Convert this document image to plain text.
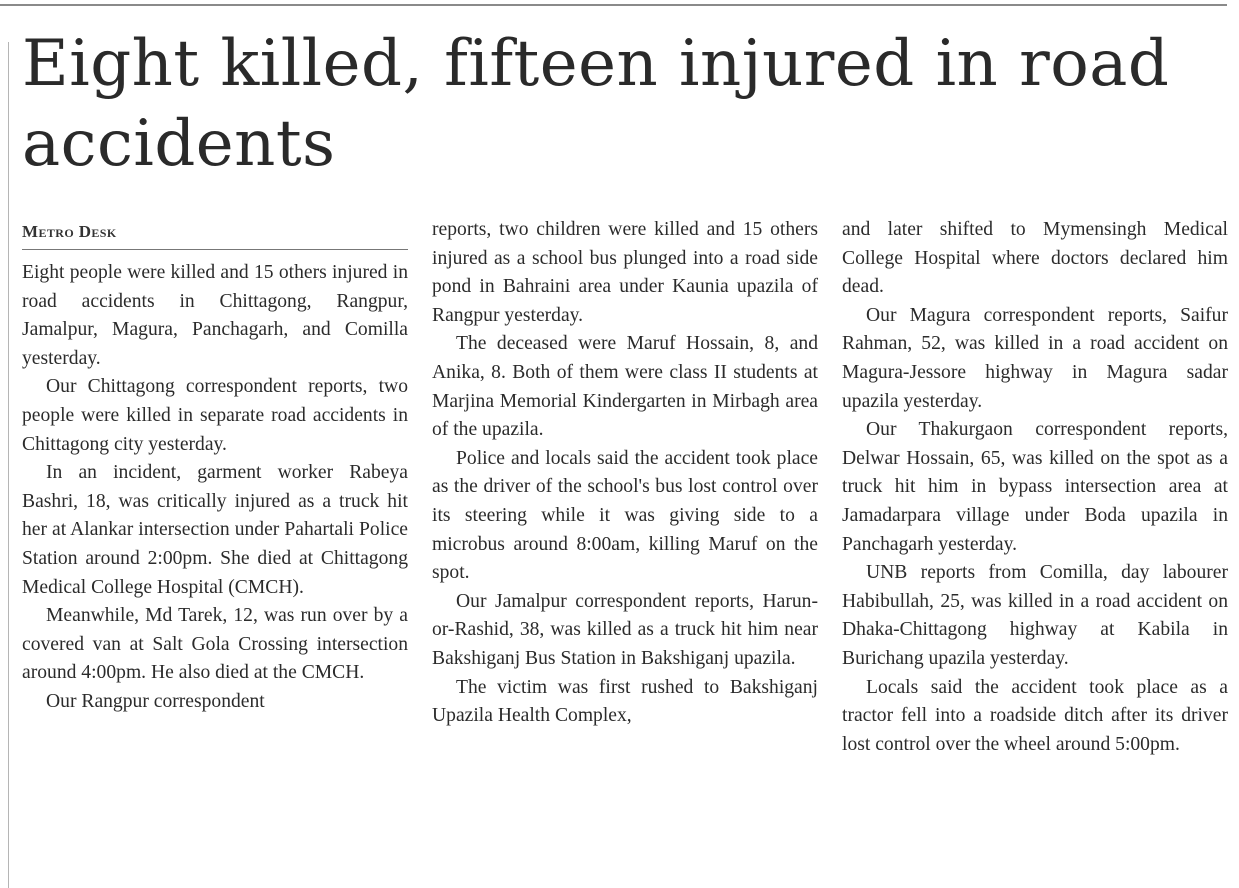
Eight killed, fifteen injured in road accidents
Metro Desk

Eight people were killed and 15 others injured in road accidents in Chittagong, Rangpur, Jamalpur, Magura, Panchagarh, and Comilla yesterday.

Our Chittagong correspondent reports, two people were killed in separate road accidents in Chittagong city yesterday.

In an incident, garment worker Rabeya Bashri, 18, was critically injured as a truck hit her at Alankar intersection under Pahartali Police Station around 2:00pm. She died at Chittagong Medical College Hospital (CMCH).

Meanwhile, Md Tarek, 12, was run over by a covered van at Salt Gola Crossing intersection around 4:00pm. He also died at the CMCH.

Our Rangpur correspondent

reports, two children were killed and 15 others injured as a school bus plunged into a road side pond in Bahraini area under Kaunia upazila of Rangpur yesterday.

The deceased were Maruf Hossain, 8, and Anika, 8. Both of them were class II students at Marjina Memorial Kindergarten in Mirbagh area of the upazila.

Police and locals said the accident took place as the driver of the school's bus lost control over its steering while it was giving side to a microbus around 8:00am, killing Maruf on the spot.

Our Jamalpur correspondent reports, Harun-or-Rashid, 38, was killed as a truck hit him near Bakshiganj Bus Station in Bakshiganj upazila.

The victim was first rushed to Bakshiganj Upazila Health Complex,

and later shifted to Mymensingh Medical College Hospital where doctors declared him dead.

Our Magura correspondent reports, Saifur Rahman, 52, was killed in a road accident on Magura-Jessore highway in Magura sadar upazila yesterday.

Our Thakurgaon correspondent reports, Delwar Hossain, 65, was killed on the spot as a truck hit him in bypass intersection area at Jamadarpara village under Boda upazila in Panchagarh yesterday.

UNB reports from Comilla, day labourer Habibullah, 25, was killed in a road accident on Dhaka-Chittagong highway at Kabila in Burichang upazila yesterday.

Locals said the accident took place as a tractor fell into a roadside ditch after its driver lost control over the wheel around 5:00pm.
